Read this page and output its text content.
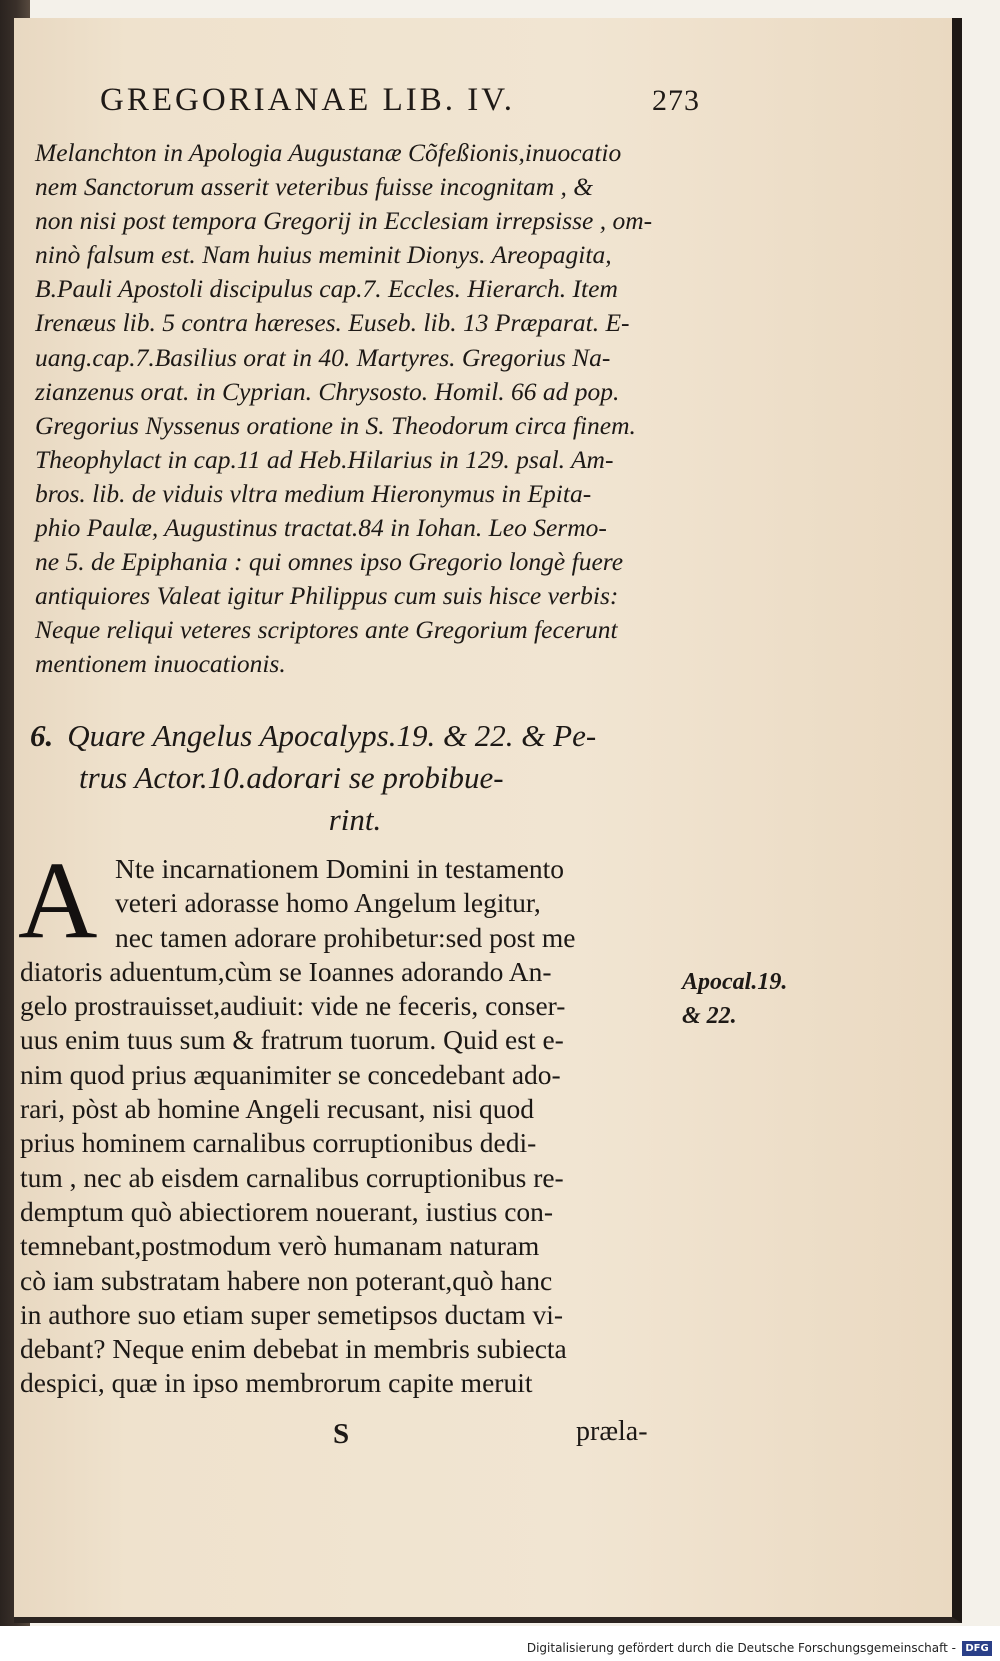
GREGORIANAE LIB. IV.	273
Melanchton in Apologia Augustanæ Cõfeßionis,inuocatio
nem Sanctorum asserit veteribus fuisse incognitam , &
non nisi post tempora Gregorij in Ecclesiam irrepsisse , om-
ninò falsum est. Nam huius meminit Dionys. Areopagita,
B.Pauli Apostoli discipulus cap.7. Eccles. Hierarch. Item
Irenæus lib. 5 contra hæreses. Euseb. lib. 13 Præparat. E-
uang.cap.7.Basilius orat in 40. Martyres. Gregorius Na-
zianzenus orat. in Cyprian. Chrysosto. Homil. 66 ad pop.
Gregorius Nyssenus oratione in S. Theodorum circa finem.
Theophylact in cap.11 ad Heb.Hilarius in 129. psal. Am-
bros. lib. de viduis vltra medium Hieronymus in Epita-
phio Paulæ, Augustinus tractat.84 in Iohan. Leo Sermo-
ne 5. de Epiphania : qui omnes ipso Gregorio longè fuere
antiquiores Valeat igitur Philippus cum suis hisce verbis:
Neque reliqui veteres scriptores ante Gregorium fecerunt
mentionem inuocationis.
6. Quare Angelus Apocalyps.19. & 22. & Pe-
trus Actor.10.adorari se probibue-
rint.
A Nte incarnationem Domini in testamento
veteri adorasse homo Angelum legitur,
nec tamen adorare prohibetur:sed post me
diatoris aduentum,cùm se Ioannes adorando An-
gelo prostrauisset,audiuit: vide ne feceris, conser-
uus enim tuus sum & fratrum tuorum. Quid est e-
nim quod prius æquanimiter se concedebant ado-
rari, pòst ab homine Angeli recusant, nisi quod
prius hominem carnalibus corruptionibus dedi-
tum , nec ab eisdem carnalibus corruptionibus re-
demptum quò abiectiorem nouerant, iustius con-
temnebant,postmodum verò humanam naturam
cò iam substratam habere non poterant,quò hanc
in authore suo etiam super semetipsos ductam vi-
debant? Neque enim debebat in membris subiecta
despici, quæ in ipso membrorum capite meruit
Apocal.19.
& 22.
S	præla-
Digitalisierung gefördert durch die Deutsche Forschungsgemeinschaft - DFG
